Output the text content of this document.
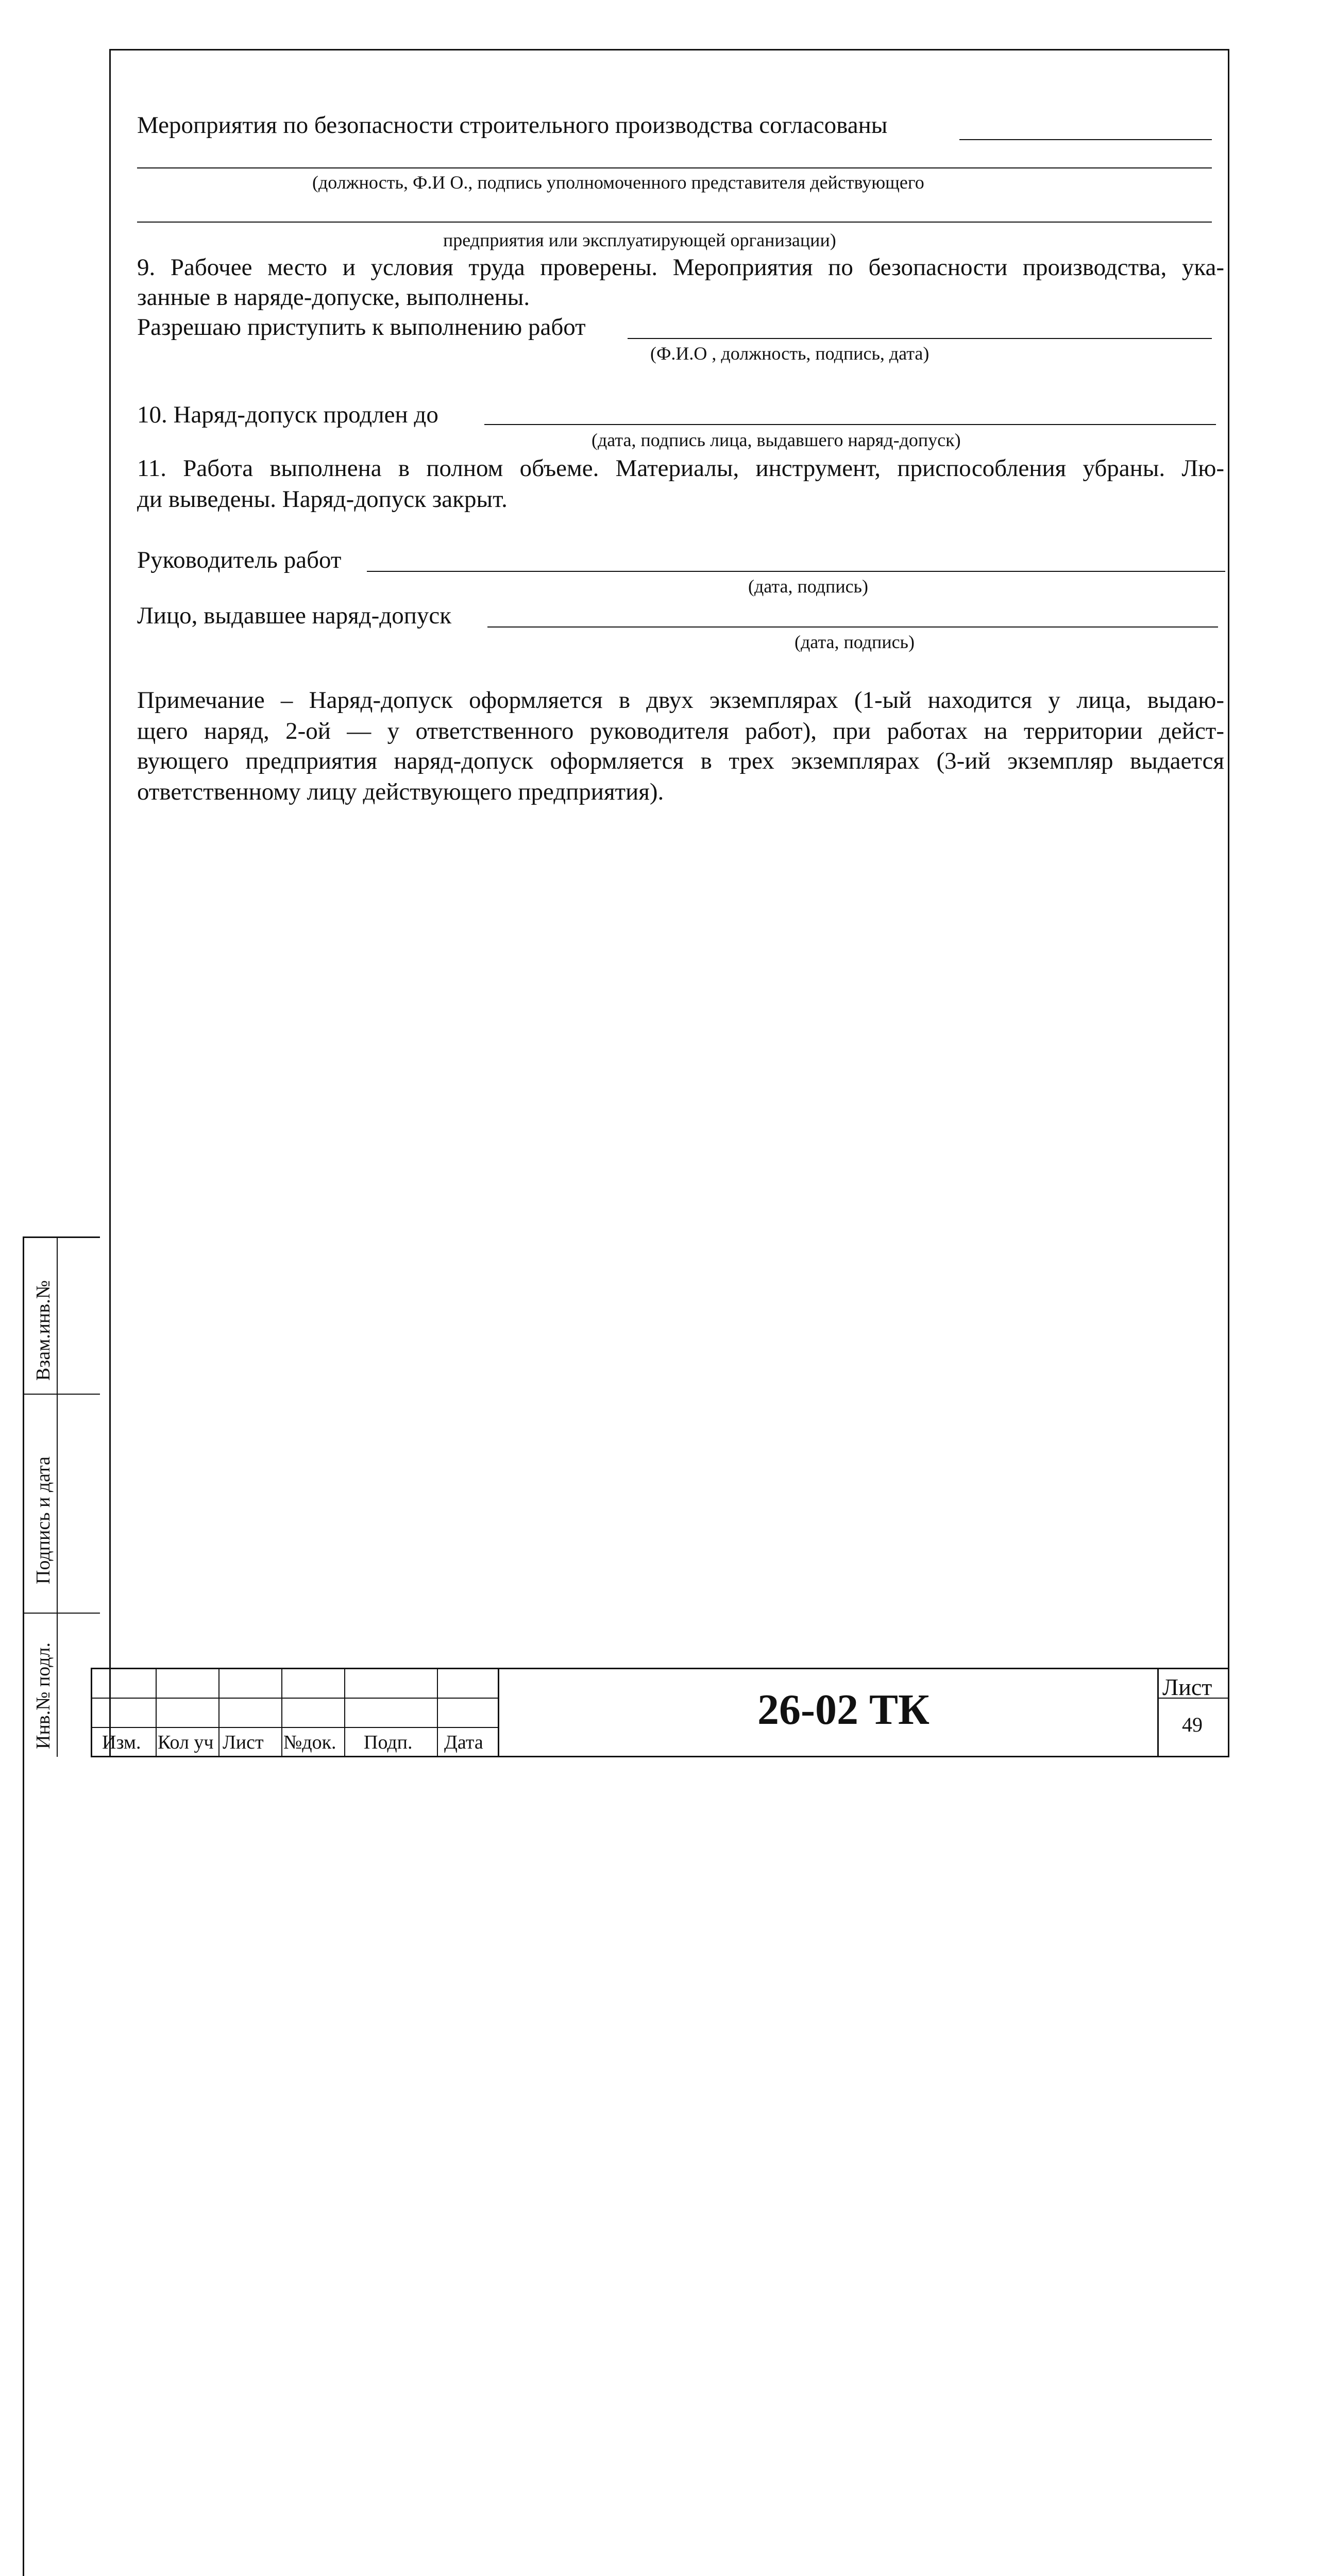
Мероприятия по безопасности строительного производства согласованы
(должность, Ф.И О., подпись уполномоченного представителя действующего
предприятия или эксплуатирующей организации)
9. Рабочее место и условия труда проверены. Мероприятия по безопасности производства, ука-
занные в наряде-допуске, выполнены.
Разрешаю приступить к выполнению работ
(Ф.И.О , должность, подпись, дата)
10. Наряд-допуск продлен до
(дата, подпись лица, выдавшего наряд-допуск)
11. Работа выполнена в полном объеме. Материалы, инструмент, приспособления убраны. Лю-
ди выведены. Наряд-допуск закрыт.
Руководитель работ
(дата, подпись)
Лицо, выдавшее наряд-допуск
(дата, подпись)
Примечание – Наряд-допуск оформляется в двух экземплярах (1-ый находится у лица, выдаю-
щего наряд, 2-ой — у ответственного руководителя работ), при работах на территории дейст-
вующего предприятия наряд-допуск оформляется в трех экземплярах (3-ий экземпляр выдается
ответственному лицу действующего предприятия).
Взам.инв.№
Подпись и дата
Инв.№ подл. Изм. Кол уч Лист №док. Подп. Дата
26-02 ТК	Лист
49
